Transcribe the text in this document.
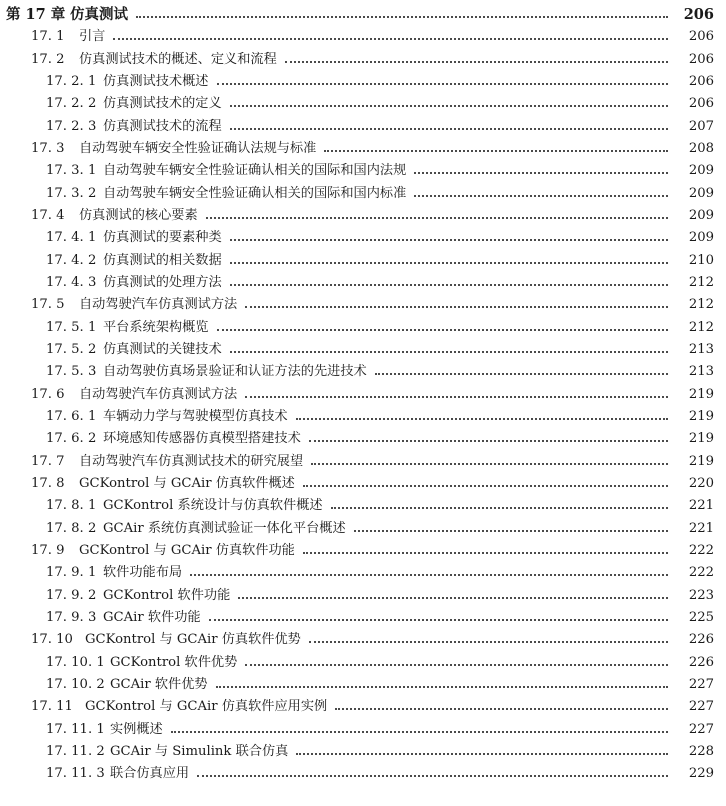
第 17 章 仿真测试	206
17. 1	引言	206
17. 2	仿真测试技术的概述、定义和流程	206
17. 2. 1 仿真测试技术概述	206
17. 2. 2 仿真测试技术的定义	206
17. 2. 3 仿真测试技术的流程	207
17. 3	自动驾驶车辆安全性验证确认法规与标准	208
17. 3. 1 自动驾驶车辆安全性验证确认相关的国际和国内法规	209
17. 3. 2 自动驾驶车辆安全性验证确认相关的国际和国内标准	209
17. 4	仿真测试的核心要素	209
17. 4. 1 仿真测试的要素种类	209
17. 4. 2 仿真测试的相关数据	210
17. 4. 3 仿真测试的处理方法	212
17. 5	自动驾驶汽车仿真测试方法	212
17. 5. 1 平台系统架构概览	212
17. 5. 2 仿真测试的关键技术	213
17. 5. 3 自动驾驶仿真场景验证和认证方法的先进技术	213
17. 6	自动驾驶汽车仿真测试方法	219
17. 6. 1 车辆动力学与驾驶模型仿真技术	219
17. 6. 2 环境感知传感器仿真模型搭建技术	219
17. 7	自动驾驶汽车仿真测试技术的研究展望	219
17. 8	GCKontrol 与 GCAir 仿真软件概述	220
17. 8. 1 GCKontrol 系统设计与仿真软件概述	221
17. 8. 2 GCAir 系统仿真测试验证一体化平台概述	221
17. 9	GCKontrol 与 GCAir 仿真软件功能	222
17. 9. 1 软件功能布局	222
17. 9. 2 GCKontrol 软件功能	223
17. 9. 3 GCAir 软件功能	225
17. 10 GCKontrol 与 GCAir 仿真软件优势	226
17. 10. 1 GCKontrol 软件优势	226
17. 10. 2 GCAir 软件优势	227
17. 11 GCKontrol 与 GCAir 仿真软件应用实例	227
17. 11. 1 实例概述	227
17. 11. 2 GCAir 与 Simulink 联合仿真	228
17. 11. 3 联合仿真应用	229
